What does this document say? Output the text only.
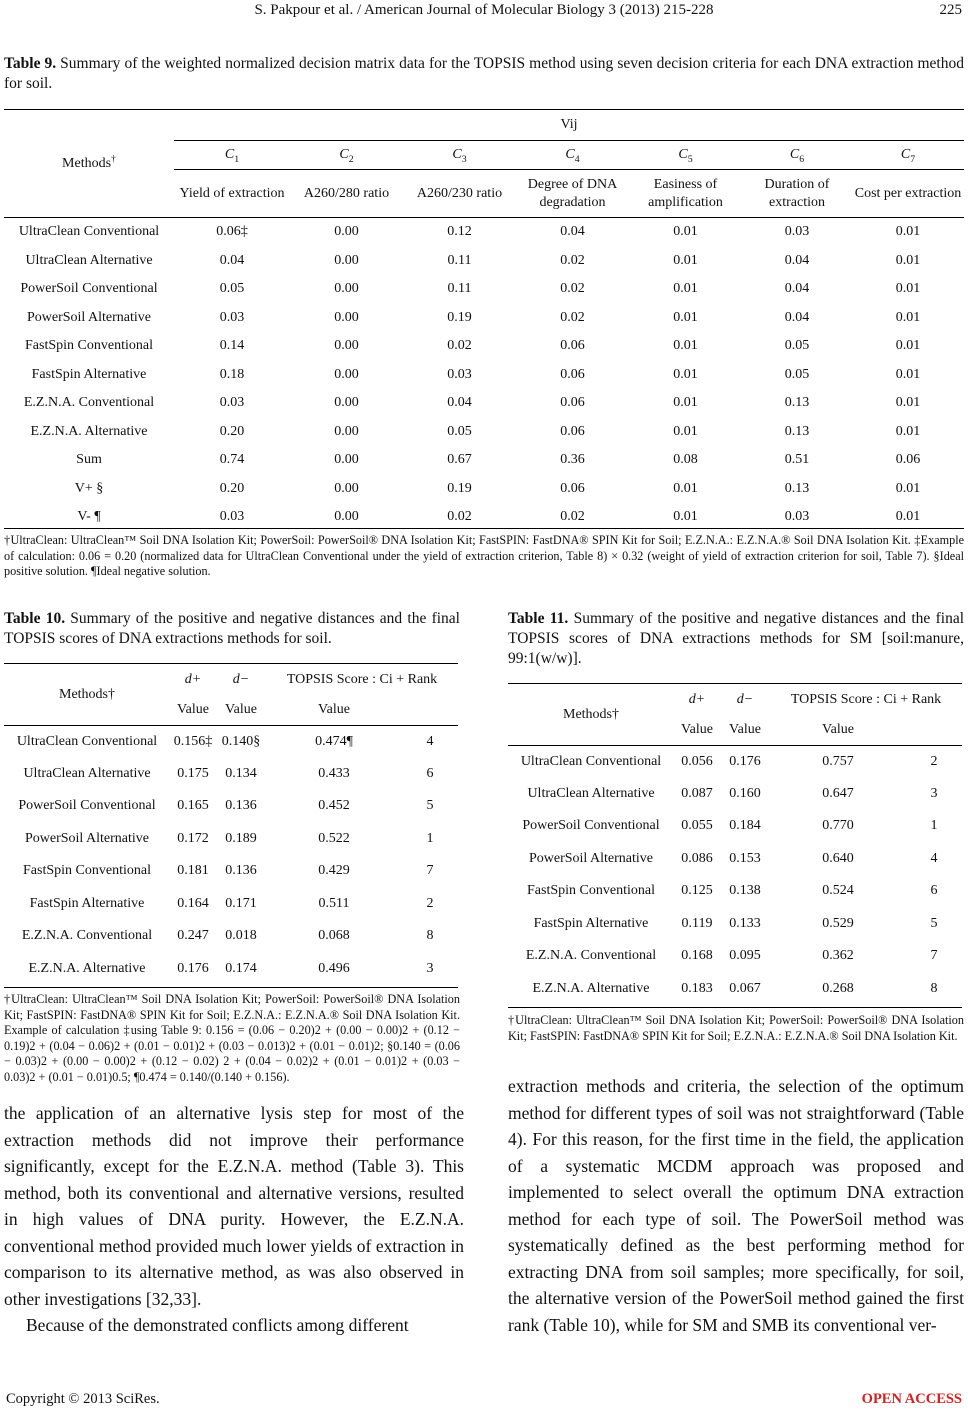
S. Pakpour et al. / American Journal of Molecular Biology 3 (2013) 215-228	225
Table 9. Summary of the weighted normalized decision matrix data for the TOPSIS method using seven decision criteria for each DNA extraction method for soil.
Methods†	Vij						
	$C_1$	$C_2$	$C_3$	$C_4$	$C_5$	$C_6$	$C_7$
	Yield of extraction	A260/280 ratio	A260/230 ratio	Degree of DNA degradation	Easiness of amplification	Duration of extraction	Cost per extraction
UltraClean Conventional	0.06‡	0.00	0.12	0.04	0.01	0.03	0.01
UltraClean Alternative	0.04	0.00	0.11	0.02	0.01	0.04	0.01
PowerSoil Conventional	0.05	0.00	0.11	0.02	0.01	0.04	0.01
PowerSoil Alternative	0.03	0.00	0.19	0.02	0.01	0.04	0.01
FastSpin Conventional	0.14	0.00	0.02	0.06	0.01	0.05	0.01
FastSpin Alternative	0.18	0.00	0.03	0.06	0.01	0.05	0.01
E.Z.N.A. Conventional	0.03	0.00	0.04	0.06	0.01	0.13	0.01
E.Z.N.A. Alternative	0.20	0.00	0.05	0.06	0.01	0.13	0.01
Sum	0.74	0.00	0.67	0.36	0.08	0.51	0.06
V+ §	0.20	0.00	0.19	0.06	0.01	0.13	0.01
V- ¶	0.03	0.00	0.02	0.02	0.01	0.03	0.01
†UltraClean: UltraClean™ Soil DNA Isolation Kit; PowerSoil: PowerSoil® DNA Isolation Kit; FastSPIN: FastDNA® SPIN Kit for Soil; E.Z.N.A.: E.Z.N.A.® Soil DNA Isolation Kit. ‡Example of calculation: 0.06 = 0.20 (normalized data for UltraClean Conventional under the yield of extraction criterion, Table 8) × 0.32 (weight of yield of extraction criterion for soil, Table 7). §Ideal positive solution. ¶Ideal negative solution.
Table 10. Summary of the positive and negative distances and the final TOPSIS scores of DNA extractions methods for soil.
Methods†	d+	d−	TOPSIS Score : Ci + Rank	
	Value	Value	Value	
UltraClean Conventional	0.156‡	0.140§	0.474¶	4
UltraClean Alternative	0.175	0.134	0.433	6
PowerSoil Conventional	0.165	0.136	0.452	5
PowerSoil Alternative	0.172	0.189	0.522	1
FastSpin Conventional	0.181	0.136	0.429	7
FastSpin Alternative	0.164	0.171	0.511	2
E.Z.N.A. Conventional	0.247	0.018	0.068	8
E.Z.N.A. Alternative	0.176	0.174	0.496	3
†UltraClean: UltraClean™ Soil DNA Isolation Kit; PowerSoil: PowerSoil® DNA Isolation Kit; FastSPIN: FastDNA® SPIN Kit for Soil; E.Z.N.A.: E.Z.N.A.® Soil DNA Isolation Kit. Example of calculation ‡using Table 9: 0.156 = (0.06 − 0.20)2 + (0.00 − 0.00)2 + (0.12 − 0.19)2 + (0.04 − 0.06)2 + (0.01 − 0.01)2 + (0.03 − 0.013)2 + (0.01 − 0.01)2; §0.140 = (0.06 − 0.03)2 + (0.00 − 0.00)2 + (0.12 − 0.02) 2 + (0.04 − 0.02)2 + (0.01 − 0.01)2 + (0.03 − 0.03)2 + (0.01 − 0.01)0.5; ¶0.474 = 0.140/(0.140 + 0.156).
Table 11. Summary of the positive and negative distances and the final TOPSIS scores of DNA extractions methods for SM [soil:manure, 99:1(w/w)].
Methods†	d+	d−	TOPSIS Score : Ci + Rank	
	Value	Value	Value	
UltraClean Conventional	0.056	0.176	0.757	2
UltraClean Alternative	0.087	0.160	0.647	3
PowerSoil Conventional	0.055	0.184	0.770	1
PowerSoil Alternative	0.086	0.153	0.640	4
FastSpin Conventional	0.125	0.138	0.524	6
FastSpin Alternative	0.119	0.133	0.529	5
E.Z.N.A. Conventional	0.168	0.095	0.362	7
E.Z.N.A. Alternative	0.183	0.067	0.268	8
†UltraClean: UltraClean™ Soil DNA Isolation Kit; PowerSoil: PowerSoil® DNA Isolation Kit; FastSPIN: FastDNA® SPIN Kit for Soil; E.Z.N.A.: E.Z.N.A.® Soil DNA Isolation Kit.
the application of an alternative lysis step for most of the extraction methods did not improve their performance significantly, except for the E.Z.N.A. method (Table 3). This method, both its conventional and alternative versions, resulted in high values of DNA purity. However, the E.Z.N.A. conventional method provided much lower yields of extraction in comparison to its alternative method, as was also observed in other investigations [32,33].
Because of the demonstrated conflicts among different
extraction methods and criteria, the selection of the optimum method for different types of soil was not straightforward (Table 4). For this reason, for the first time in the field, the application of a systematic MCDM approach was proposed and implemented to select overall the optimum DNA extraction method for each type of soil. The PowerSoil method was systematically defined as the best performing method for extracting DNA from soil samples; more specifically, for soil, the alternative version of the PowerSoil method gained the first rank (Table 10), while for SM and SMB its conventional ver-
Copyright © 2013 SciRes.	OPEN ACCESS
